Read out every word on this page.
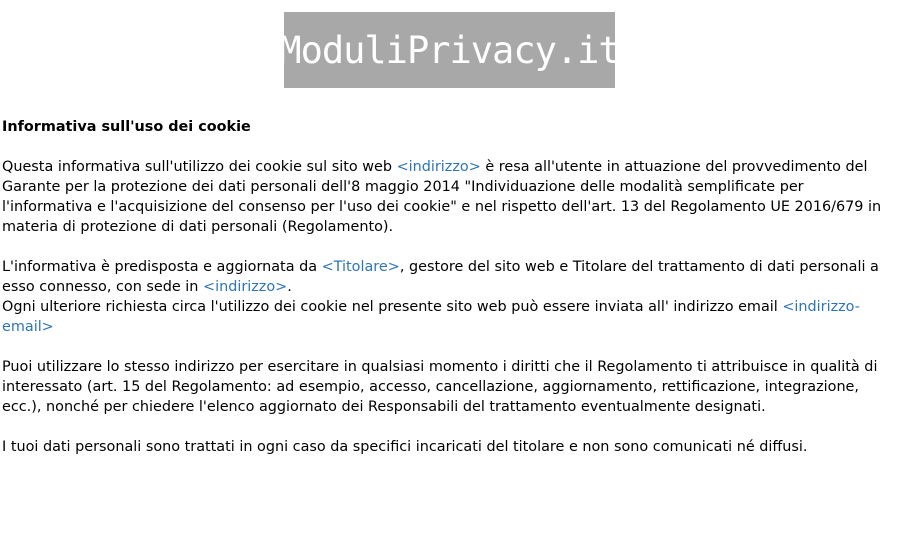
ModuliPrivacy.it

Informativa sull'uso dei cookie

Questa informativa sull'utilizzo dei cookie sul sito web <indirizzo> è resa all'utente in attuazione del provvedimento del Garante per la protezione dei dati personali dell'8 maggio 2014 "Individuazione delle modalità semplificate per l'informativa e l'acquisizione del consenso per l'uso dei cookie" e nel rispetto dell'art. 13 del Regolamento UE 2016/679 in materia di protezione di dati personali (Regolamento).

L'informativa è predisposta e aggiornata da <Titolare>, gestore del sito web e Titolare del trattamento di dati personali a esso connesso, con sede in <indirizzo>.

Ogni ulteriore richiesta circa l'utilizzo dei cookie nel presente sito web può essere inviata all' indirizzo email <indirizzo-email>

Puoi utilizzare lo stesso indirizzo per esercitare in qualsiasi momento i diritti che il Regolamento ti attribuisce in qualità di interessato (art. 15 del Regolamento: ad esempio, accesso, cancellazione, aggiornamento, rettificazione, integrazione, ecc.), nonché per chiedere l'elenco aggiornato dei Responsabili del trattamento eventualmente designati.

I tuoi dati personali sono trattati in ogni caso da specifici incaricati del titolare e non sono comunicati né diffusi.
